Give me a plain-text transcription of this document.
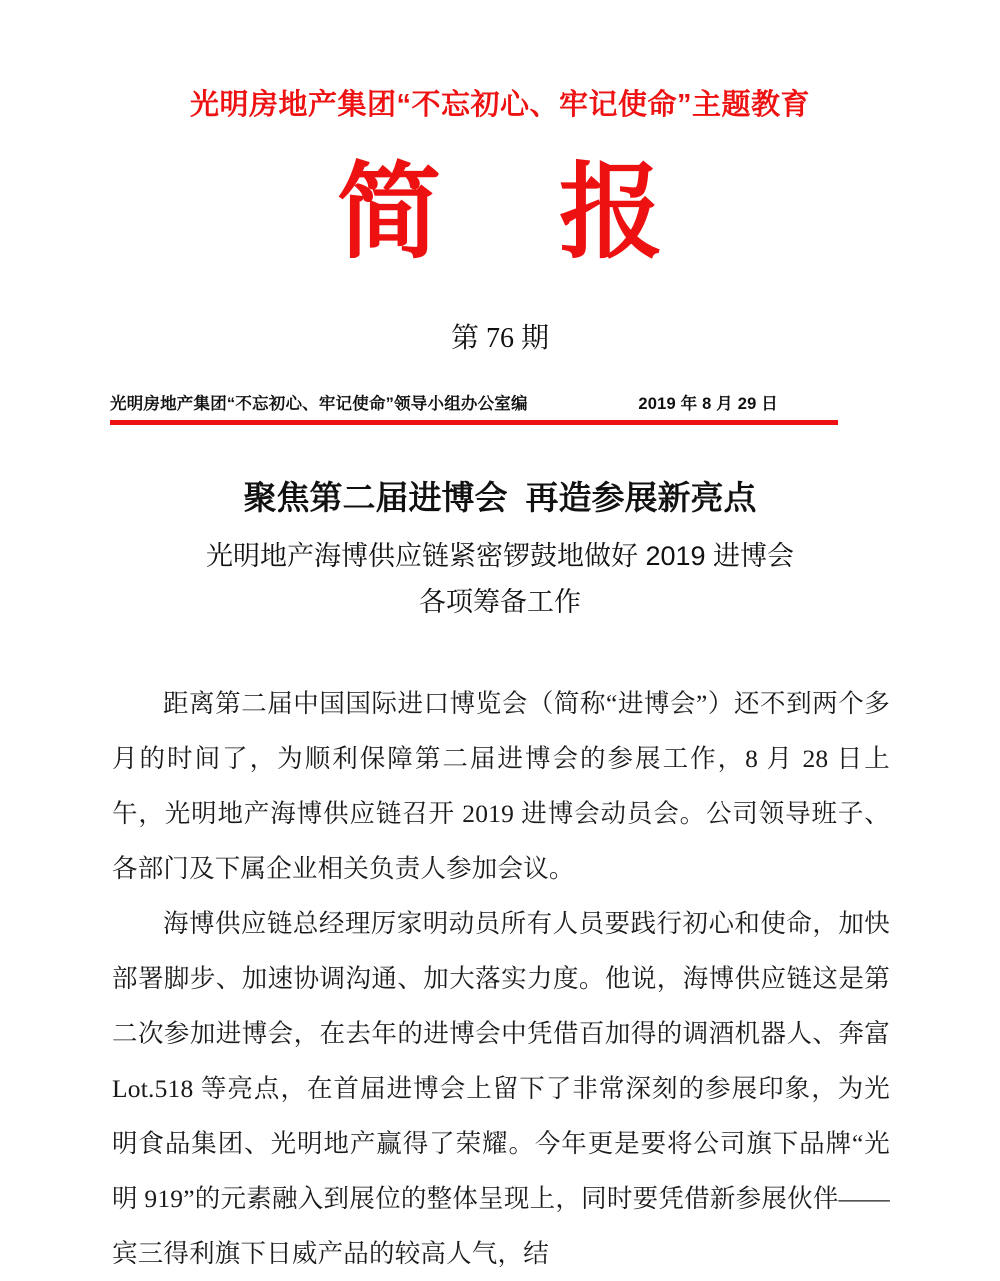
光明房地产集团“不忘初心、牢记使命”主题教育
简 报
第 76 期
光明房地产集团“不忘初心、牢记使命”领导小组办公室编	2019 年 8 月 29 日
聚焦第二届进博会 再造参展新亮点
光明地产海博供应链紧密锣鼓地做好 2019 进博会
各项筹备工作

距离第二届中国国际进口博览会（简称“进博会”）还不到两个多月的时间了，为顺利保障第二届进博会的参展工作，8 月 28 日上午，光明地产海博供应链召开 2019 进博会动员会。公司领导班子、各部门及下属企业相关负责人参加会议。

海博供应链总经理厉家明动员所有人员要践行初心和使命，加快部署脚步、加速协调沟通、加大落实力度。他说，海博供应链这是第二次参加进博会，在去年的进博会中凭借百加得的调酒机器人、奔富 Lot.518 等亮点，在首届进博会上留下了非常深刻的参展印象，为光明食品集团、光明地产赢得了荣耀。今年更是要将公司旗下品牌“光明 919”的元素融入到展位的整体呈现上，同时要凭借新参展伙伴——宾三得利旗下日威产品的较高人气，结
